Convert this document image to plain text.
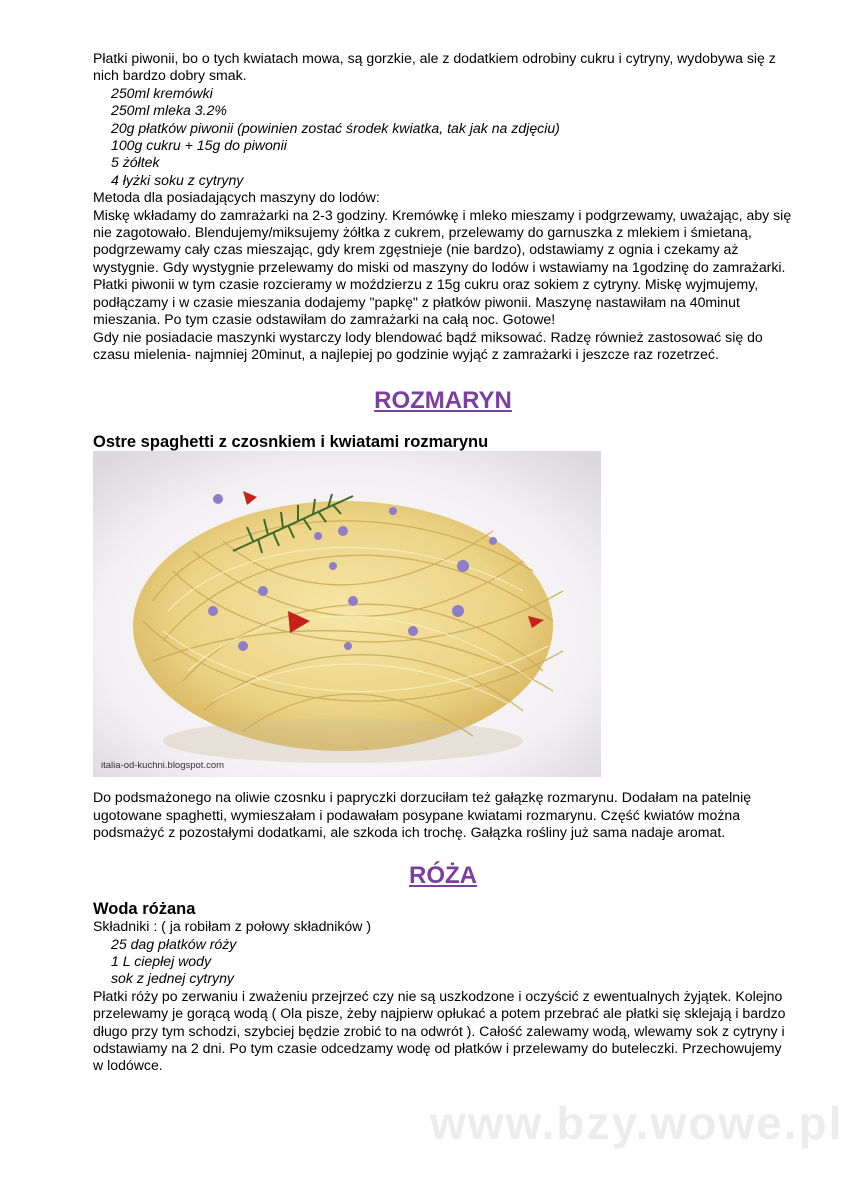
Płatki piwonii, bo o tych kwiatach mowa, są gorzkie, ale z dodatkiem odrobiny cukru i cytryny, wydobywa się z nich bardzo dobry smak.

250ml kremówki

250ml mleka 3.2%

20g płatków piwonii (powinien zostać środek kwiatka, tak jak na zdjęciu)

100g cukru + 15g do piwonii

5 żółtek

4 łyżki soku z cytryny

Metoda dla posiadających maszyny do lodów:

Miskę wkładamy do zamrażarki na 2-3 godziny. Kremówkę i mleko mieszamy i podgrzewamy, uważając, aby się nie zagotowało. Blendujemy/miksujemy żółtka z cukrem, przelewamy do garnuszka z mlekiem i śmietaną, podgrzewamy cały czas mieszając, gdy krem zgęstnieje (nie bardzo), odstawiamy z ognia i czekamy aż wystygnie. Gdy wystygnie przelewamy do miski od maszyny do lodów i wstawiamy na 1godzinę do zamrażarki. Płatki piwonii w tym czasie rozcieramy w moździerzu z 15g cukru oraz sokiem z cytryny. Miskę wyjmujemy, podłączamy i w czasie mieszania dodajemy "papkę" z płatków piwonii. Maszynę nastawiłam na 40minut mieszania. Po tym czasie odstawiłam do zamrażarki na całą noc. Gotowe!

Gdy nie posiadacie maszynki wystarczy lody blendować bądź miksować. Radzę również zastosować się do czasu mielenia- najmniej 20minut, a najlepiej po godzinie wyjąć z zamrażarki i jeszcze raz rozetrzeć.

ROZMARYN
Ostre spaghetti z czosnkiem i kwiatami rozmarynu
italia-od-kuchni.blogspot.com

Do podsmażonego na oliwie czosnku i papryczki dorzuciłam też gałązkę rozmarynu. Dodałam na patelnię ugotowane spaghetti, wymieszałam i podawałam posypane kwiatami rozmarynu. Część kwiatów można podsmażyć z pozostałymi dodatkami, ale szkoda ich trochę. Gałązka rośliny już sama nadaje aromat.

RÓŻA
Woda różana

Składniki : ( ja robiłam z połowy składników )

25 dag płatków róży

1 L ciepłej wody

sok z jednej cytryny

Płatki róży po zerwaniu i zważeniu przejrzeć czy nie są uszkodzone i oczyścić z ewentualnych żyjątek. Kolejno przelewamy je gorącą wodą ( Ola pisze, żeby najpierw opłukać a potem przebrać ale płatki się sklejają i bardzo długo przy tym schodzi, szybciej będzie zrobić to na odwrót ). Całość zalewamy wodą, wlewamy sok z cytryny i odstawiamy na 2 dni. Po tym czasie odcedzamy wodę od płatków i przelewamy do buteleczki. Przechowujemy w lodówce.

www.bzy.wowe.pl
